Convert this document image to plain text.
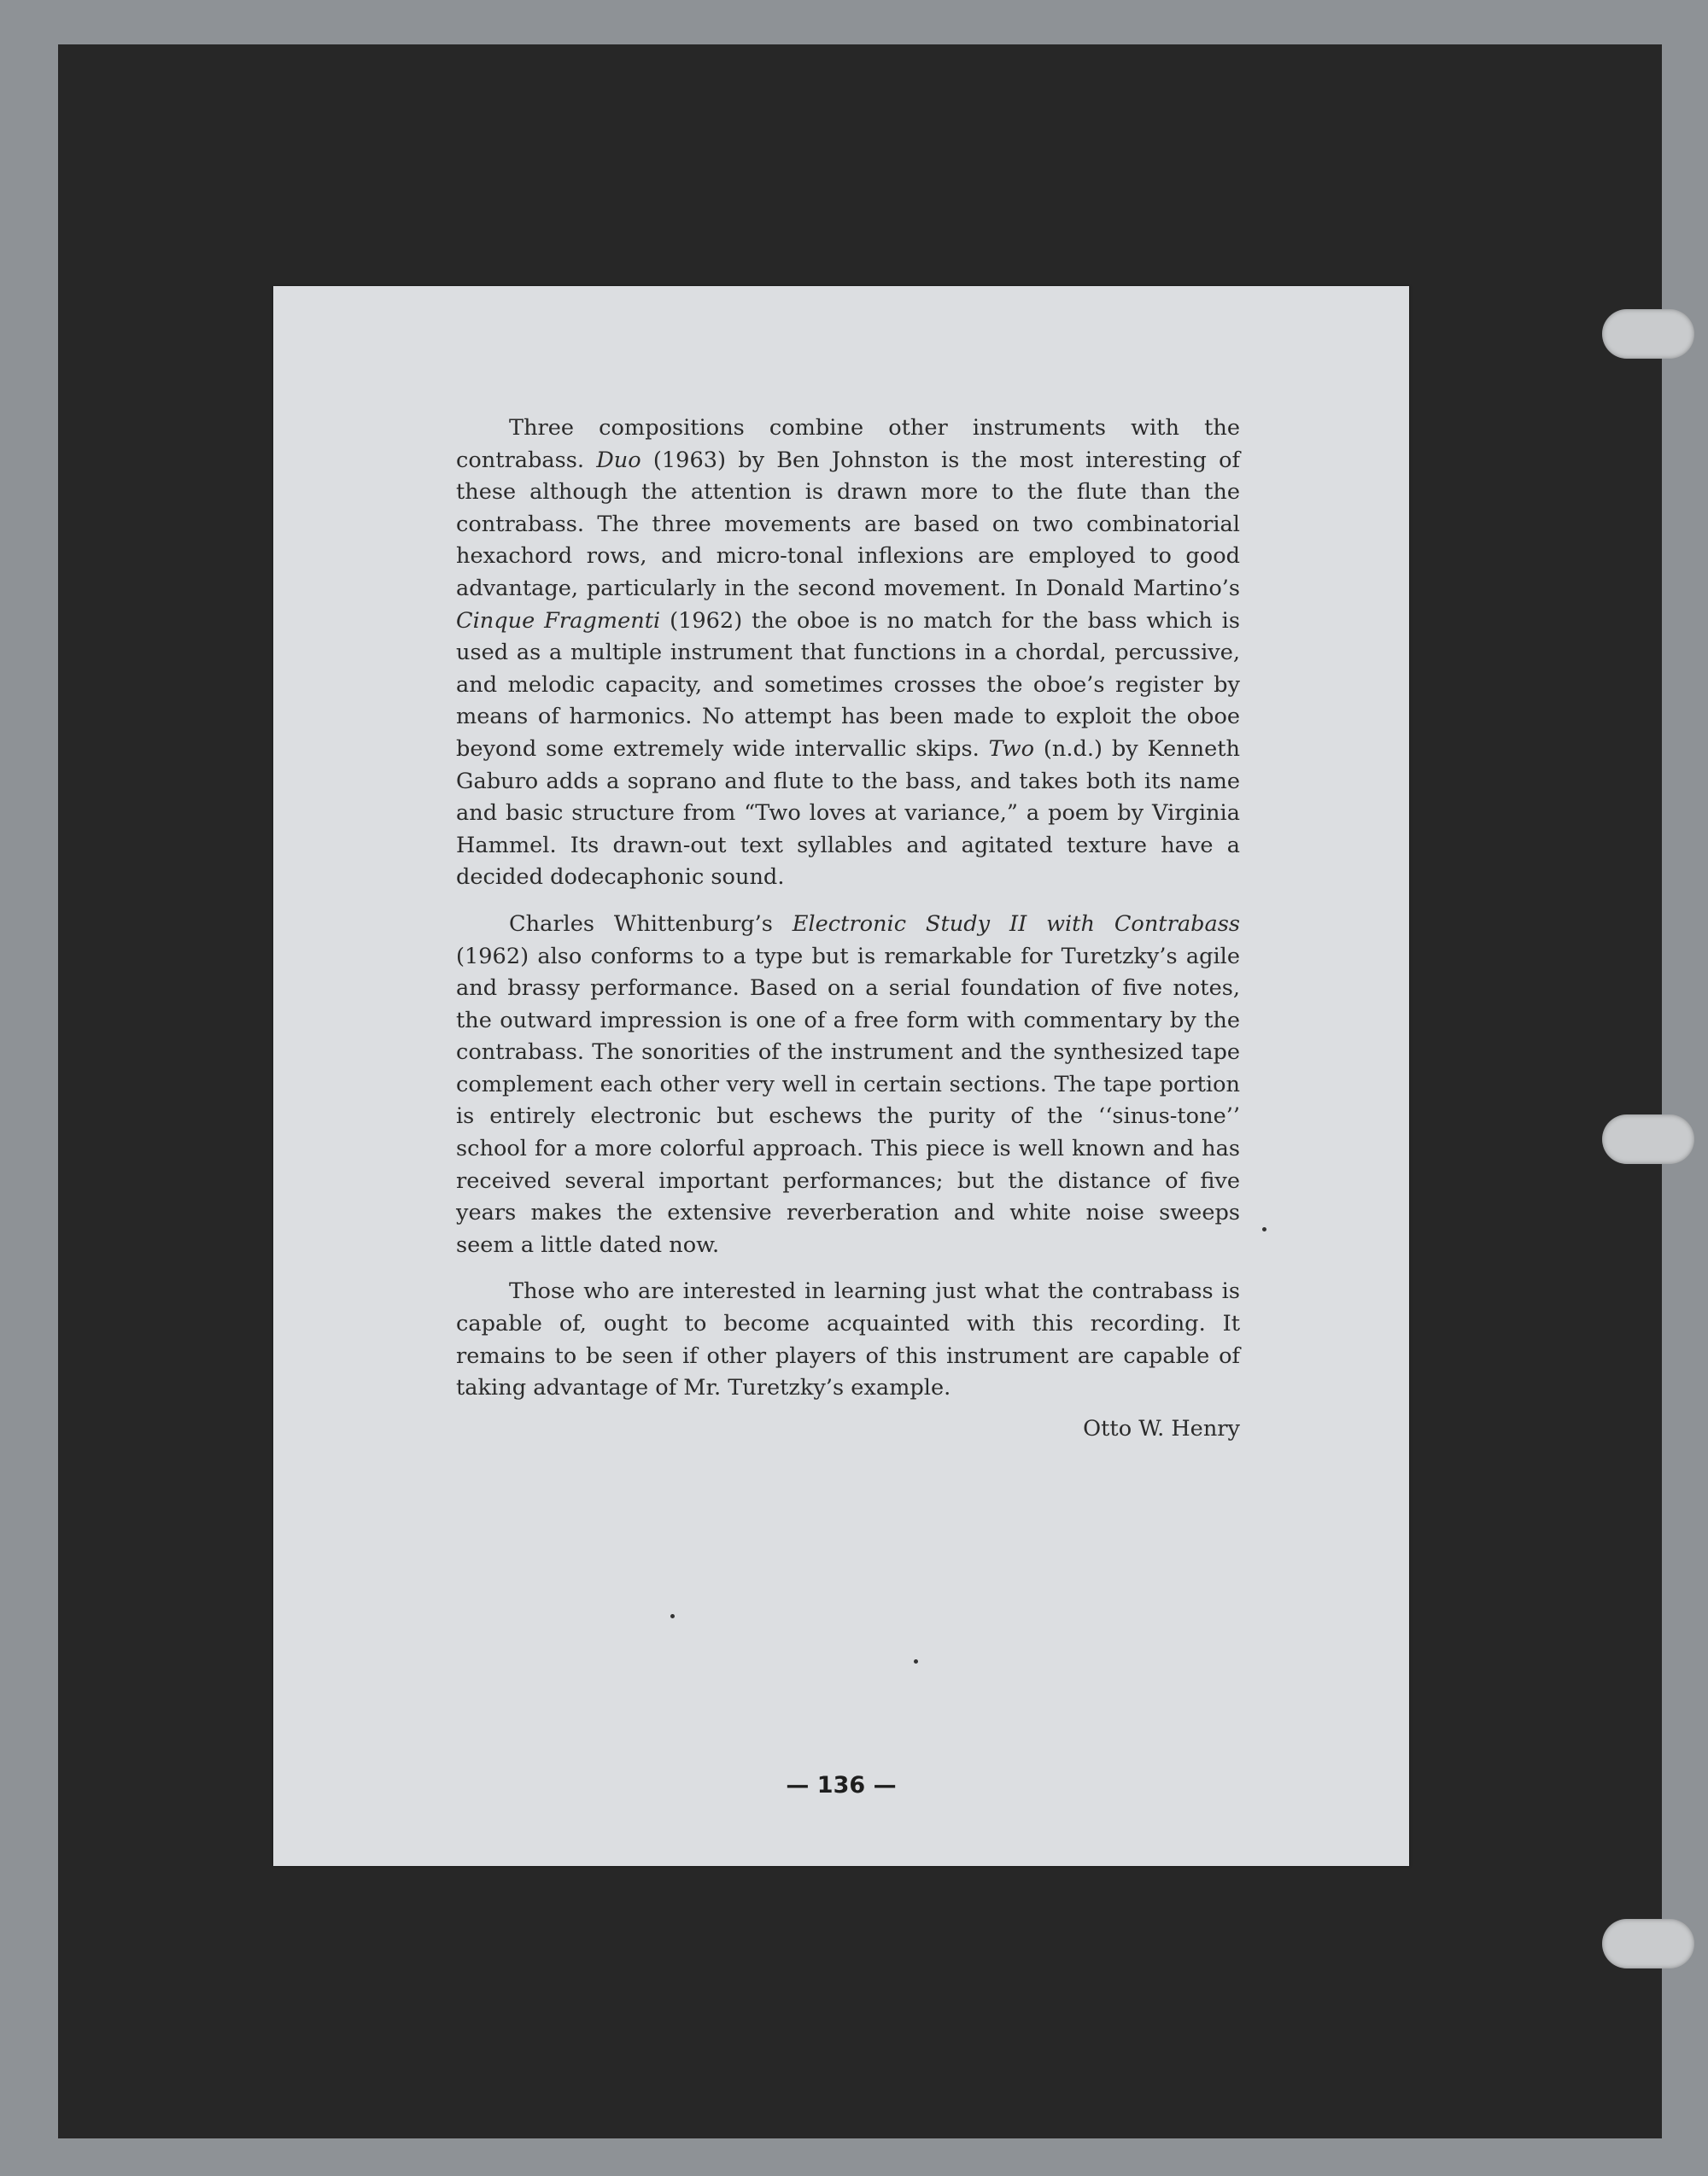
Three compositions combine other instruments with the contrabass. Duo (1963) by Ben Johnston is the most interesting of these although the attention is drawn more to the flute than the contrabass. The three movements are based on two combinatorial hexachord rows, and micro-tonal inflexions are employed to good advantage, particularly in the second movement. In Donald Martino’s Cinque Fragmenti (1962) the oboe is no match for the bass which is used as a multiple instrument that functions in a chordal, percussive, and melodic capacity, and sometimes crosses the oboe’s register by means of harmonics. No attempt has been made to exploit the oboe beyond some extremely wide intervallic skips. Two (n.d.) by Kenneth Gaburo adds a soprano and flute to the bass, and takes both its name and basic structure from “Two loves at variance,” a poem by Virginia Hammel. Its drawn-out text syllables and agitated texture have a decided dodecaphonic sound.

Charles Whittenburg’s Electronic Study II with Contrabass (1962) also conforms to a type but is remarkable for Turetzky’s agile and brassy performance. Based on a serial foundation of five notes, the outward impression is one of a free form with commentary by the contrabass. The sonorities of the instrument and the synthesized tape complement each other very well in certain sections. The tape portion is entirely electronic but eschews the purity of the ‘‘sinus-tone’’ school for a more colorful approach. This piece is well known and has received several important performances; but the distance of five years makes the extensive reverberation and white noise sweeps seem a little dated now.

Those who are interested in learning just what the contrabass is capable of, ought to become acquainted with this recording. It remains to be seen if other players of this instrument are capable of taking advantage of Mr. Turetzky’s example.

Otto W. Henry
— 136 —
